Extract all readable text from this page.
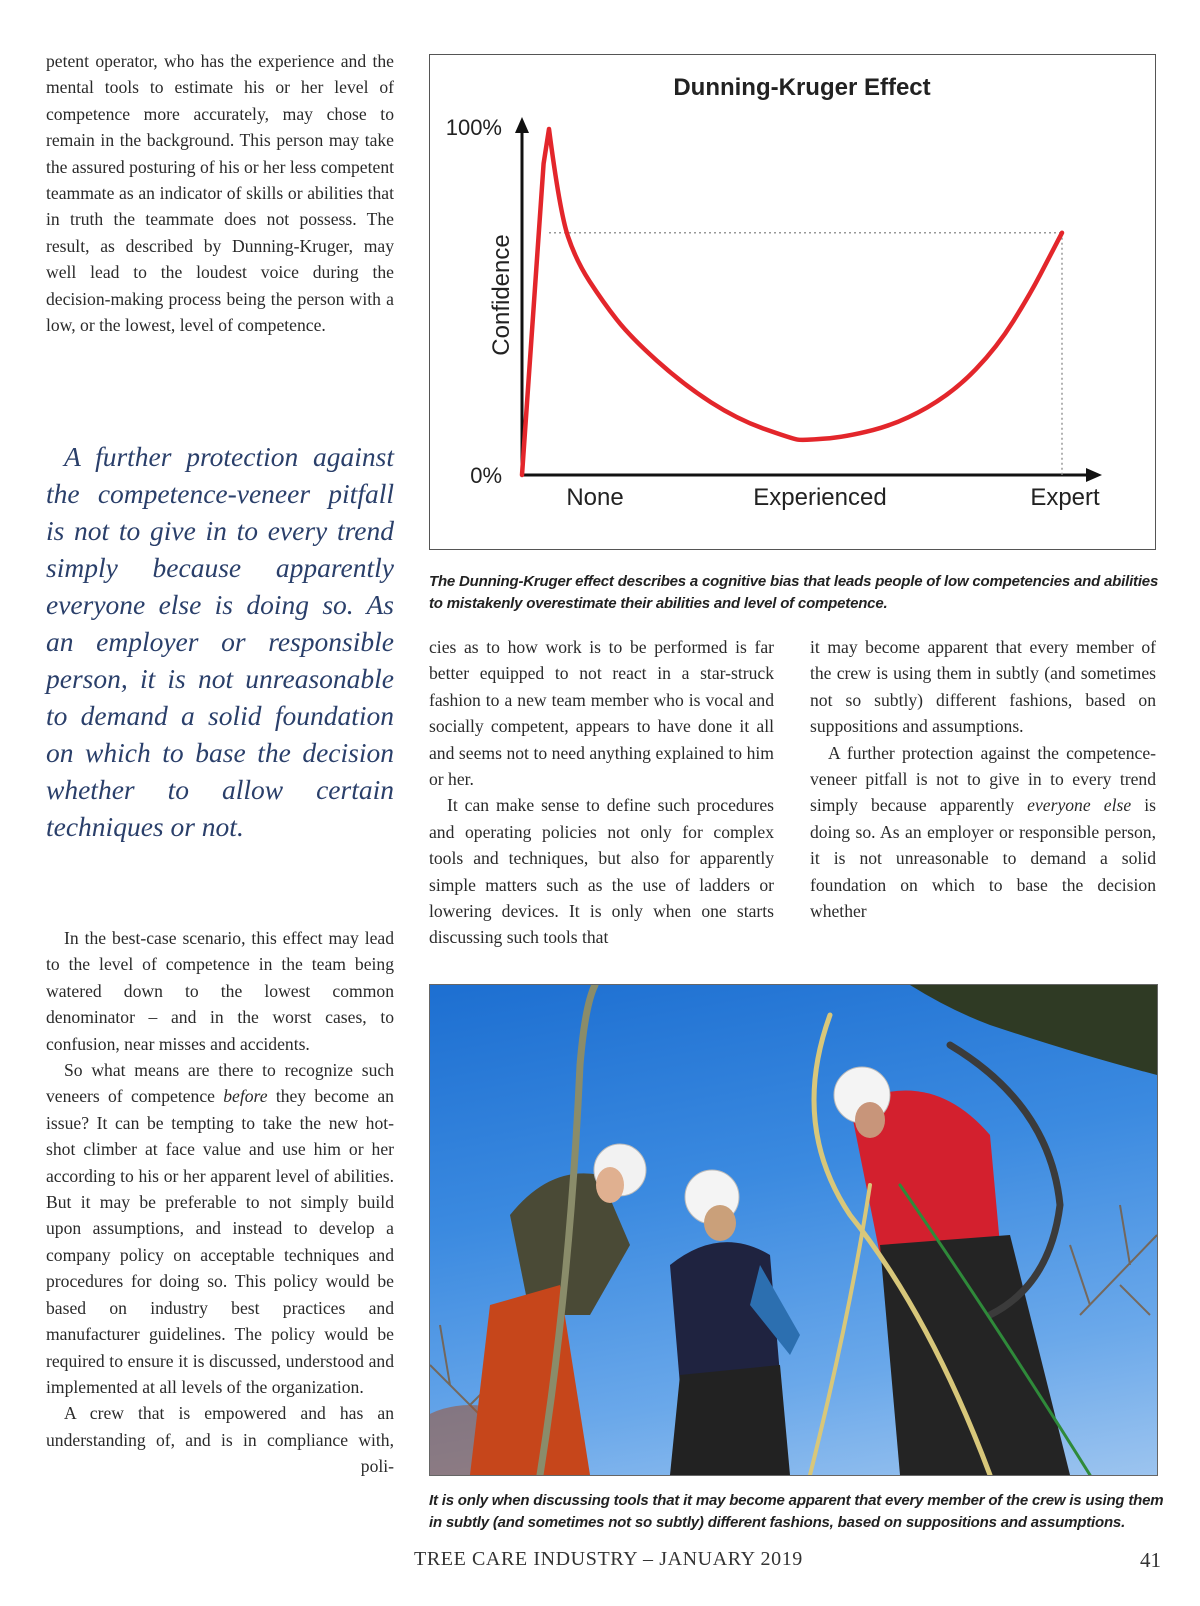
petent operator, who has the experience and the mental tools to estimate his or her level of competence more accurately, may chose to remain in the background. This person may take the assured posturing of his or her less competent teammate as an indicator of skills or abilities that in truth the teammate does not possess. The result, as described by Dunning-Kruger, may well lead to the loudest voice during the decision-making process being the person with a low, or the lowest, level of competence.

A further protection against the competence-veneer pitfall is not to give in to every trend simply because apparently everyone else is doing so. As an employer or responsible person, it is not unreasonable to demand a solid foundation on which to base the decision whether to allow certain techniques or not.

In the best-case scenario, this effect may lead to the level of competence in the team being watered down to the lowest common denominator – and in the worst cases, to confusion, near misses and accidents.

So what means are there to recognize such veneers of competence before they become an issue? It can be tempting to take the new hot-shot climber at face value and use him or her according to his or her apparent level of abilities. But it may be preferable to not simply build upon assumptions, and instead to develop a company policy on acceptable techniques and procedures for doing so. This policy would be based on industry best practices and manufacturer guidelines. The policy would be required to ensure it is discussed, understood and implemented at all levels of the organization.

A crew that is empowered and has an understanding of, and is in compliance with, poli-

Dunning-Kruger Effect
Confidence
100%
0%
None	Experienced	Expert
The Dunning-Kruger effect describes a cognitive bias that leads people of low competencies and abilities to mistakenly overestimate their abilities and level of competence.

cies as to how work is to be performed is far better equipped to not react in a star-struck fashion to a new team member who is vocal and socially competent, appears to have done it all and seems not to need anything explained to him or her.

It can make sense to define such procedures and operating policies not only for complex tools and techniques, but also for apparently simple matters such as the use of ladders or lowering devices. It is only when one starts discussing such tools that

it may become apparent that every member of the crew is using them in subtly (and sometimes not so subtly) different fashions, based on suppositions and assumptions.

A further protection against the competence-veneer pitfall is not to give in to every trend simply because apparently everyone else is doing so. As an employer or responsible person, it is not unreasonable to demand a solid foundation on which to base the decision whether

It is only when discussing tools that it may become apparent that every member of the crew is using them in subtly (and sometimes not so subtly) different fashions, based on suppositions and assumptions.
TREE CARE INDUSTRY – JANUARY 2019	41
